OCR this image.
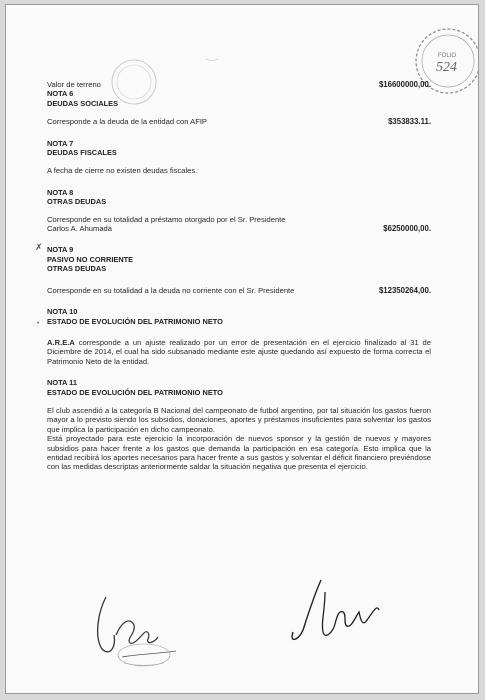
FOLIO
524
✗
•
Valor de terreno	$16600000,00.
NOTA 6
DEUDAS SOCIALES
Corresponde a la deuda de la entidad con AFIP	$353833.11.
NOTA 7
DEUDAS FISCALES
A fecha de cierre no existen deudas fiscales.
NOTA 8
OTRAS DEUDAS
Corresponde en su totalidad a préstamo otorgado por el Sr. Presidente
Carlos A. Ahumada	$6250000,00.
NOTA 9
PASIVO NO CORRIENTE
OTRAS DEUDAS
Corresponde en su totalidad a la deuda no corriente con el Sr. Presidente	$12350264,00.
NOTA 10
ESTADO DE EVOLUCIÓN DEL PATRIMONIO NETO
A.R.E.A corresponde a un ajuste realizado por un error de presentación en el ejercicio finalizado al 31 de Diciembre de 2014, el cual ha sido subsanado mediante este ajuste quedando así expuesto de forma correcta el Patrimonio Neto de la entidad.
NOTA 11
ESTADO DE EVOLUCIÓN DEL PATRIMONIO NETO
El club ascendió a la categoría B Nacional del campeonato de futbol argentino, por tal situación los gastos fueron mayor a lo previsto siendo los subsidios, donaciones, aportes y préstamos insuficientes para solventar los gastos que implica la participación en dicho campeonato.
Está proyectado para este ejercicio la incorporación de nuevos sponsor y la gestión de nuevos y mayores subsidios para hacer frente a los gastos que demanda la participación en esa categoría. Esto implica que la entidad recibirá los aportes necesarios para hacer frente a sus gastos y solventar el déficit financiero previéndose con las medidas descriptas anteriormente saldar la situación negativa que presenta el ejercicio.
